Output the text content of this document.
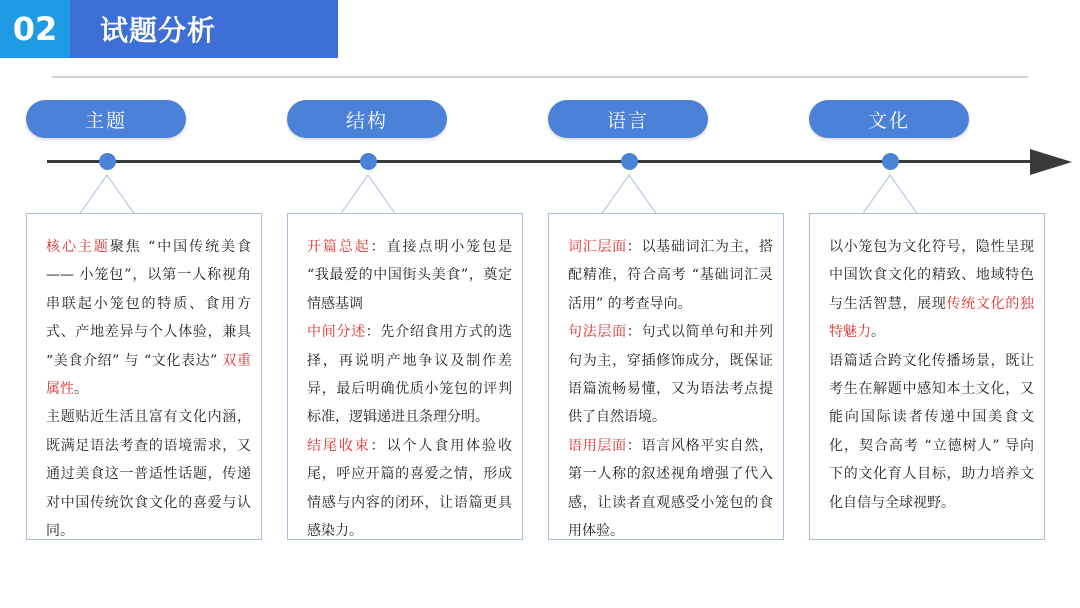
02	试题分析
主题	结构	语言	文化

核心主题聚焦 “中国传统美食 —— 小笼包”，以第一人称视角串联起小笼包的特质、食用方式、产地差异与个人体验，兼具 “美食介绍” 与 “文化表达” 双重属性。

主题贴近生活且富有文化内涵，既满足语法考查的语境需求，又通过美食这一普适性话题，传递对中国传统饮食文化的喜爱与认同。

开篇总起：直接点明小笼包是 “我最爱的中国街头美食”，奠定情感基调

中间分述：先介绍食用方式的选择，再说明产地争议及制作差异，最后明确优质小笼包的评判标准，逻辑递进且条理分明。

结尾收束：以个人食用体验收尾，呼应开篇的喜爱之情，形成情感与内容的闭环，让语篇更具感染力。

词汇层面：以基础词汇为主，搭配精准，符合高考 “基础词汇灵活用” 的考查导向。

句法层面：句式以简单句和并列句为主，穿插修饰成分，既保证语篇流畅易懂，又为语法考点提供了自然语境。

语用层面：语言风格平实自然，第一人称的叙述视角增强了代入感，让读者直观感受小笼包的食用体验。

以小笼包为文化符号，隐性呈现中国饮食文化的精致、地域特色与生活智慧，展现传统文化的独特魅力。

语篇适合跨文化传播场景，既让考生在解题中感知本土文化，又能向国际读者传递中国美食文化，契合高考 “立德树人” 导向下的文化育人目标，助力培养文化自信与全球视野。
